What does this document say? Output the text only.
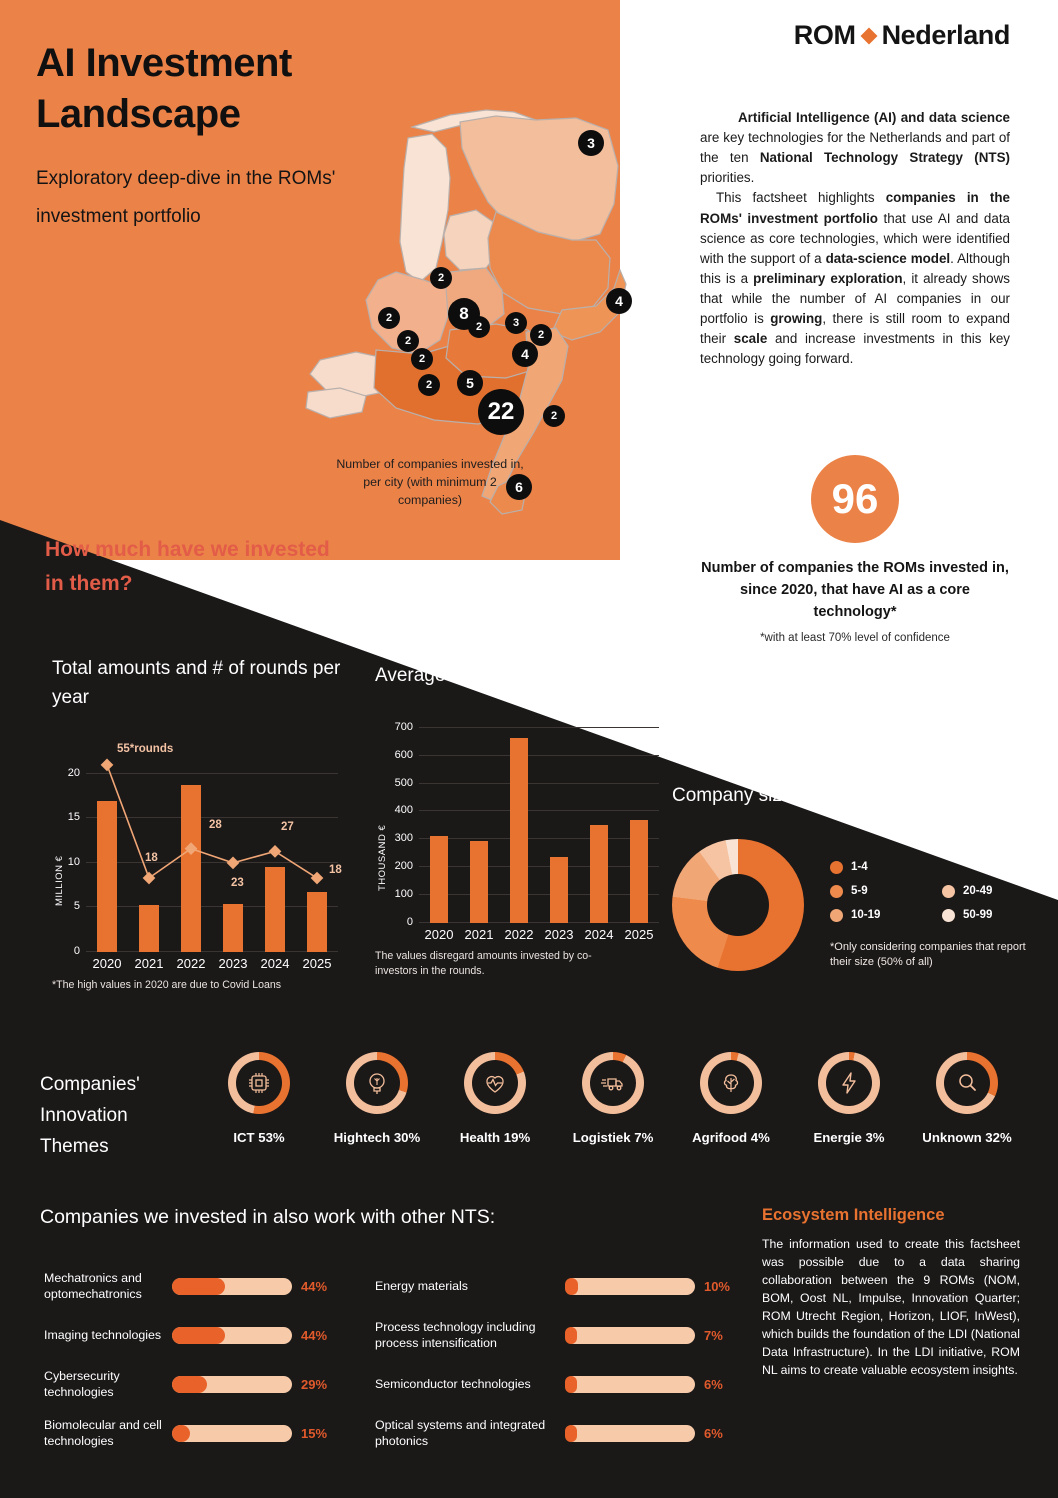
AI Investment Landscape
Exploratory deep-dive in the ROMs' investment portfolio
ROM Nederland

Artificial Intelligence (AI) and data science are key technologies for the Netherlands and part of the ten National Technology Strategy (NTS) priorities.

This factsheet highlights companies in the ROMs' investment portfolio that use AI and data science as core technologies, which were identified with the support of a data-science model. Although this is a preliminary exploration, it already shows that while the number of AI companies in our portfolio is growing, there is still room to expand their scale and increase investments in this key technology going forward.

96
Number of companies the ROMs invested in, since 2020, that have AI as a core technology*
*with at least 70% level of confidence
3
2
2	8
2	3
2
4
2
2	4
2	5
22	2
6
Number of companies invested in, per city (with minimum 2 companies)
How much have we invested in them?
Total amounts and # of rounds per year
MILLION €
55*rounds
18
28
23
27
18
0
5
10
15
20
2020	2021	2022	2023	2024	2025
*The high values in 2020 are due to Covid Loans
Average ROM ticket size per year
THOUSAND €
0
100
200
300
400
500
600
700
2020 2021 2022 2023 2024 2025
The values disregard amounts invested by co-investors in the rounds.
Company size* (number employees)
1-4
5-9	20-49
10-19	50-99
*Only considering companies that report their size (50% of all)
Companies' Innovation Themes	ICT 53%	Hightech 30%	Health 19%	Logistiek 7%	Agrifood 4%	Energie 3%	Unknown 32%
Companies we invested in also work with other NTS:
Mechatronics and optomechatronics	44%
Imaging technologies	44%
Cybersecurity technologies	29%
Biomolecular and cell technologies	15%
Energy materials	10%
Process technology including process intensification	7%
Semiconductor technologies	6%
Optical systems and integrated photonics	6%
Ecosystem Intelligence

The information used to create this factsheet was possible due to a data sharing collaboration between the 9 ROMs (NOM, BOM, Oost NL, Impulse, Innovation Quarter; ROM Utrecht Region, Horizon, LIOF, InWest), which builds the foundation of the LDI (National Data Infrastructure). In the LDI initiative, ROM NL aims to create valuable ecosystem insights.
